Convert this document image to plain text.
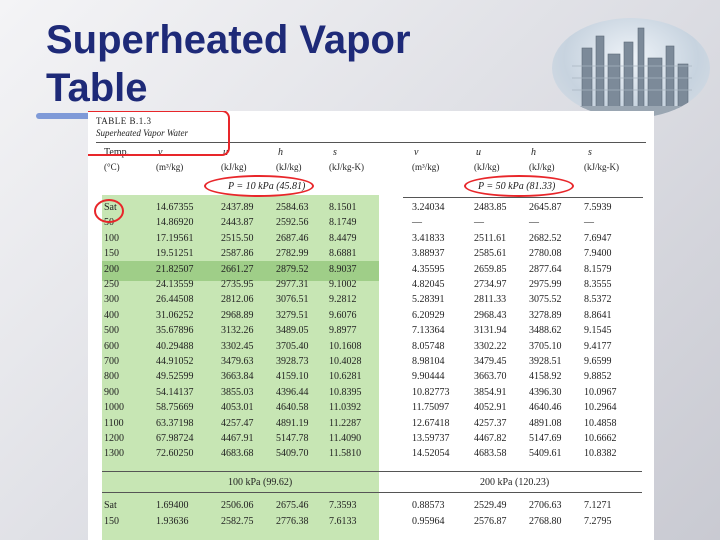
Superheated Vapor
Table
TABLE B.1.3
Superheated Vapor Water
Temp.	v	u	h	s	v	u	h	s
(°C)	(m³/kg)	(kJ/kg)	(kJ/kg)	(kJ/kg-K)	(m³/kg)	(kJ/kg)	(kJ/kg)	(kJ/kg-K)
P = 10 kPa (45.81)	P = 50 kPa (81.33)
Sat	14.67355	2437.89 2584.63 8.1501	3.24034	2483.85 2645.87 7.5939
50	14.86920	2443.87 2592.56 8.1749	—	—	—	—
100	17.19561	2515.50 2687.46 8.4479	3.41833	2511.61 2682.52 7.6947
150	19.51251	2587.86 2782.99 8.6881	3.88937	2585.61 2780.08 7.9400
200	21.82507	2661.27 2879.52 8.9037	4.35595	2659.85 2877.64 8.1579
250	24.13559	2735.95 2977.31 9.1002	4.82045	2734.97 2975.99 8.3555
300	26.44508	2812.06 3076.51 9.2812	5.28391	2811.33 3075.52 8.5372
400	31.06252	2968.89 3279.51 9.6076	6.20929	2968.43 3278.89 8.8641
500	35.67896	3132.26 3489.05 9.8977	7.13364	3131.94 3488.62 9.1545
600	40.29488	3302.45 3705.40 10.1608	8.05748	3302.22 3705.10 9.4177
700	44.91052	3479.63 3928.73 10.4028	8.98104	3479.45 3928.51 9.6599
800	49.52599	3663.84 4159.10 10.6281	9.90444	3663.70 4158.92 9.8852
900	54.14137	3855.03 4396.44 10.8395	10.82773 3854.91 4396.30 10.0967
1000	58.75669	4053.01 4640.58 11.0392	11.75097 4052.91 4640.46 10.2964
1100	63.37198	4257.47 4891.19 11.2287	12.67418 4257.37 4891.08 10.4858
1200	67.98724	4467.91 5147.78 11.4090	13.59737 4467.82 5147.69 10.6662
1300	72.60250	4683.68 5409.70 11.5810	14.52054 4683.58 5409.61 10.8382
100 kPa (99.62)	200 kPa (120.23)
Sat	1.69400	2506.06 2675.46 7.3593	0.88573	2529.49 2706.63 7.1271
150	1.93636	2582.75 2776.38 7.6133	0.95964	2576.87 2768.80 7.2795
